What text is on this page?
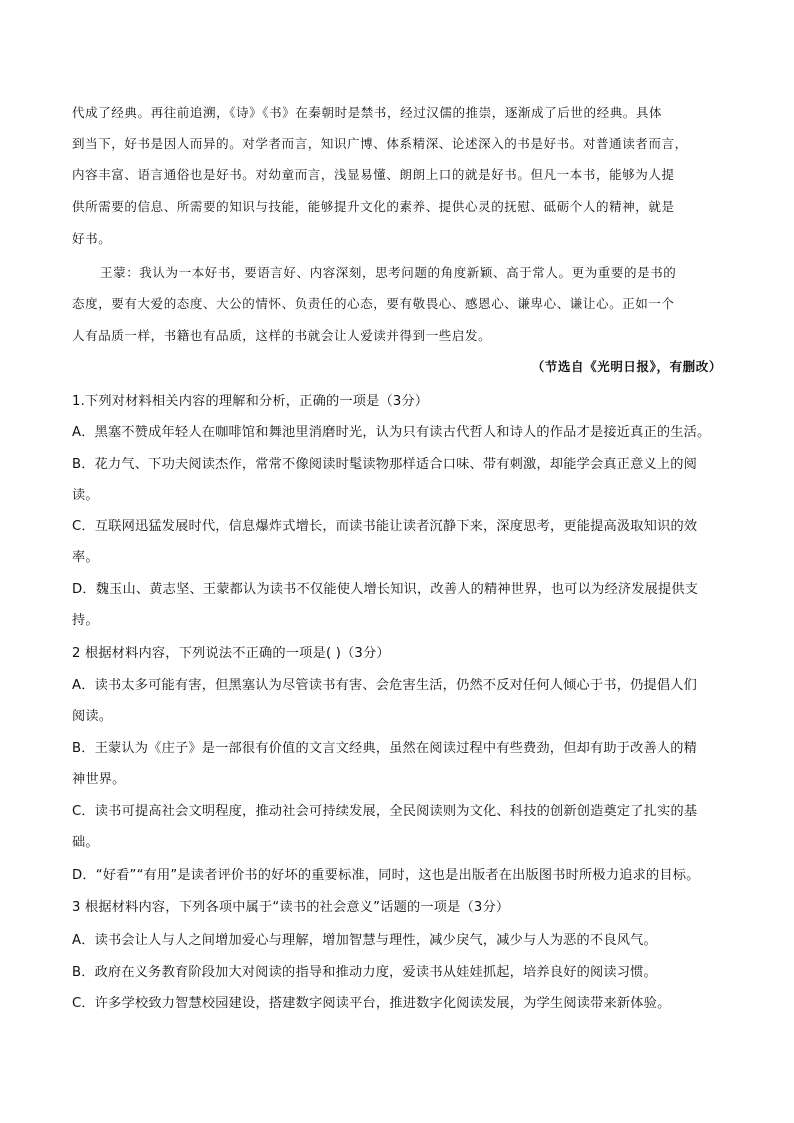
代成了经典。再往前追溯，《诗》《书》在秦朝时是禁书，经过汉儒的推崇，逐渐成了后世的经典。具体
到当下，好书是因人而异的。对学者而言，知识广博、体系精深、论述深入的书是好书。对普通读者而言，
内容丰富、语言通俗也是好书。对幼童而言，浅显易懂、朗朗上口的就是好书。但凡一本书，能够为人提
供所需要的信息、所需要的知识与技能，能够提升文化的素养、提供心灵的抚慰、砥砺个人的精神，就是
好书。
王蒙：我认为一本好书，要语言好、内容深刻，思考问题的角度新颖、高于常人。更为重要的是书的
态度，要有大爱的态度、大公的情怀、负责任的心态，要有敬畏心、感恩心、谦卑心、谦让心。正如一个
人有品质一样，书籍也有品质，这样的书就会让人爱读并得到一些启发。
（节选自《光明日报》，有删改）
1.下列对材料相关内容的理解和分析，正确的一项是（3分）
A．黑塞不赞成年轻人在咖啡馆和舞池里消磨时光，认为只有读古代哲人和诗人的作品才是接近真正的生活。
B．花力气、下功夫阅读杰作，常常不像阅读时髦读物那样适合口味、带有刺激，却能学会真正意义上的阅
读。
C．互联网迅猛发展时代，信息爆炸式增长，而读书能让读者沉静下来，深度思考，更能提高汲取知识的效
率。
D．魏玉山、黄志坚、王蒙都认为读书不仅能使人增长知识，改善人的精神世界，也可以为经济发展提供支
持。
2 根据材料内容，下列说法不正确的一项是( )（3分）
A．读书太多可能有害，但黑塞认为尽管读书有害、会危害生活，仍然不反对任何人倾心于书，仍提倡人们
阅读。
B．王蒙认为《庄子》是一部很有价值的文言文经典，虽然在阅读过程中有些费劲，但却有助于改善人的精
神世界。
C．读书可提高社会文明程度，推动社会可持续发展，全民阅读则为文化、科技的创新创造奠定了扎实的基
础。
D．“好看”“有用”是读者评价书的好坏的重要标准，同时，这也是出版者在出版图书时所极力追求的目标。
3 根据材料内容，下列各项中属于“读书的社会意义”话题的一项是（3分）
A．读书会让人与人之间增加爱心与理解，增加智慧与理性，减少戾气，减少与人为恶的不良风气。
B．政府在义务教育阶段加大对阅读的指导和推动力度，爱读书从娃娃抓起，培养良好的阅读习惯。
C．许多学校致力智慧校园建设，搭建数字阅读平台，推进数字化阅读发展，为学生阅读带来新体验。
